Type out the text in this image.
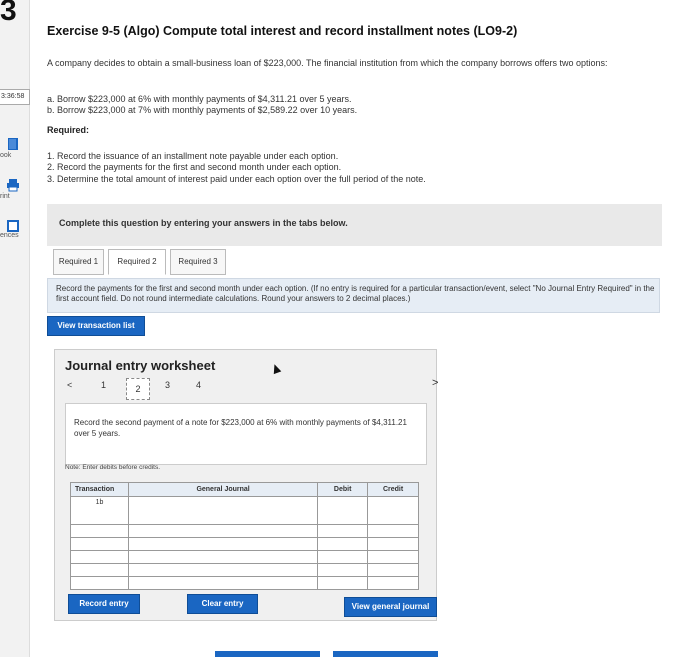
3
3:36:58
ook
rint
ences
Exercise 9-5 (Algo) Compute total interest and record installment notes (LO9-2)
A company decides to obtain a small-business loan of $223,000. The financial institution from which the company borrows offers two options:
a. Borrow $223,000 at 6% with monthly payments of $4,311.21 over 5 years.
b. Borrow $223,000 at 7% with monthly payments of $2,589.22 over 10 years.
Required:
1. Record the issuance of an installment note payable under each option.
2. Record the payments for the first and second month under each option.
3. Determine the total amount of interest paid under each option over the full period of the note.
Complete this question by entering your answers in the tabs below.
Required 1	Required 2	Required 3
Record the payments for the first and second month under each option. (If no entry is required for a particular transaction/event, select "No Journal Entry Required" in the first account field. Do not round intermediate calculations. Round your answers to 2 decimal places.)
View transaction list
Journal entry worksheet
<	1	2	3	4	>
Record the second payment of a note for $223,000 at 6% with monthly payments of $4,311.21 over 5 years.
Note: Enter debits before credits.
Transaction	General Journal	Debit	Credit
1b			

Record entry	Clear entry	View general journal
